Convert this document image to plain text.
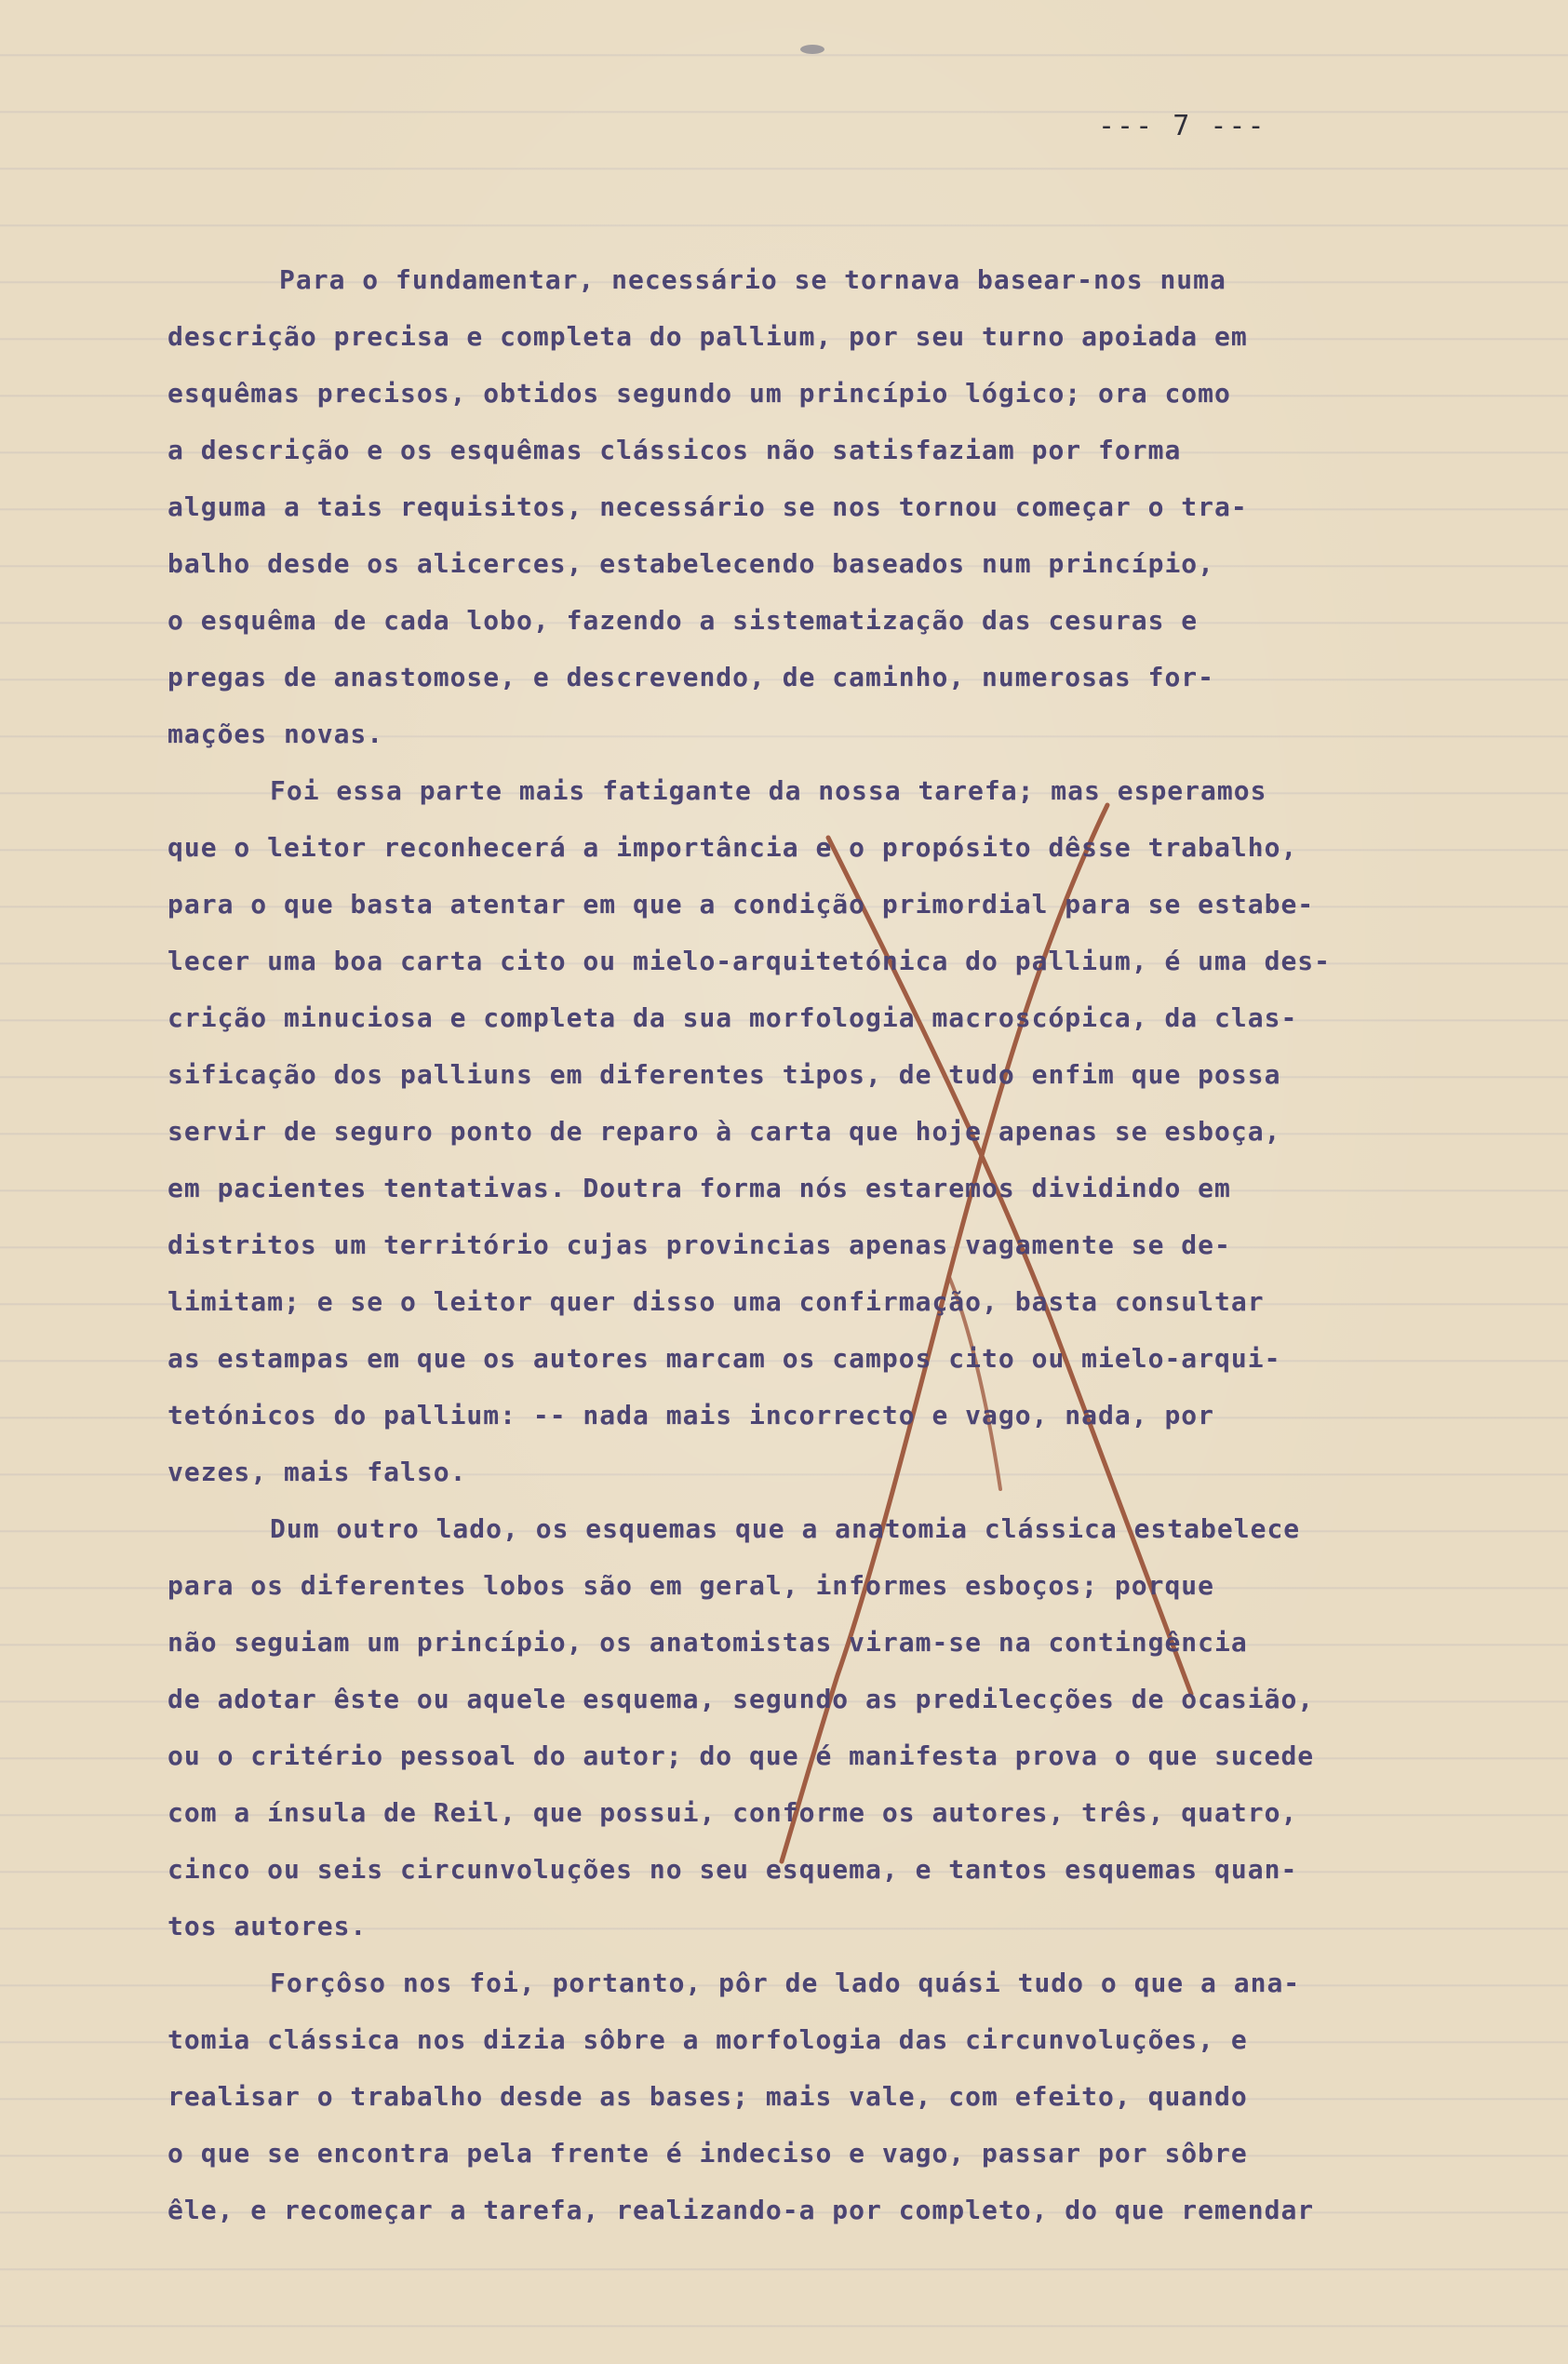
--- 7 ---
Para o fundamentar, necessário se tornava basear-nos numa
descrição precisa e completa do pallium, por seu turno apoiada em
esquêmas precisos, obtidos segundo um princípio lógico; ora como
a descrição e os esquêmas clássicos não satisfaziam por forma
alguma a tais requisitos, necessário se nos tornou começar o tra-
balho desde os alicerces, estabelecendo baseados num princípio,
o esquêma de cada lobo, fazendo a sistematização das cesuras e
pregas de anastomose, e descrevendo, de caminho, numerosas for-
mações novas.
Foi essa parte mais fatigante da nossa tarefa; mas esperamos
que o leitor reconhecerá a importância e o propósito dêsse trabalho,
para o que basta atentar em que a condição primordial para se estabe-
lecer uma boa carta cito ou mielo-arquitetónica do pallium, é uma des-
crição minuciosa e completa da sua morfologia macroscópica, da clas-
sificação dos palliuns em diferentes tipos, de tudo enfim que possa
servir de seguro ponto de reparo à carta que hoje apenas se esboça,
em pacientes tentativas. Doutra forma nós estaremos dividindo em
distritos um território cujas provincias apenas vagamente se de-
limitam; e se o leitor quer disso uma confirmação, basta consultar
as estampas em que os autores marcam os campos cito ou mielo-arqui-
tetónicos do pallium: -- nada mais incorrecto e vago, nada, por
vezes, mais falso.
Dum outro lado, os esquemas que a anatomia clássica estabelece
para os diferentes lobos são em geral, informes esboços; porque
não seguiam um princípio, os anatomistas viram-se na contingência
de adotar êste ou aquele esquema, segundo as predilecções de ocasião,
ou o critério pessoal do autor; do que é manifesta prova o que sucede
com a ínsula de Reil, que possui, conforme os autores, três, quatro,
cinco ou seis circunvoluções no seu esquema, e tantos esquemas quan-
tos autores.
Forçôso nos foi, portanto, pôr de lado quási tudo o que a ana-
tomia clássica nos dizia sôbre a morfologia das circunvoluções, e
realisar o trabalho desde as bases; mais vale, com efeito, quando
o que se encontra pela frente é indeciso e vago, passar por sôbre
êle, e recomeçar a tarefa, realizando-a por completo, do que remendar
